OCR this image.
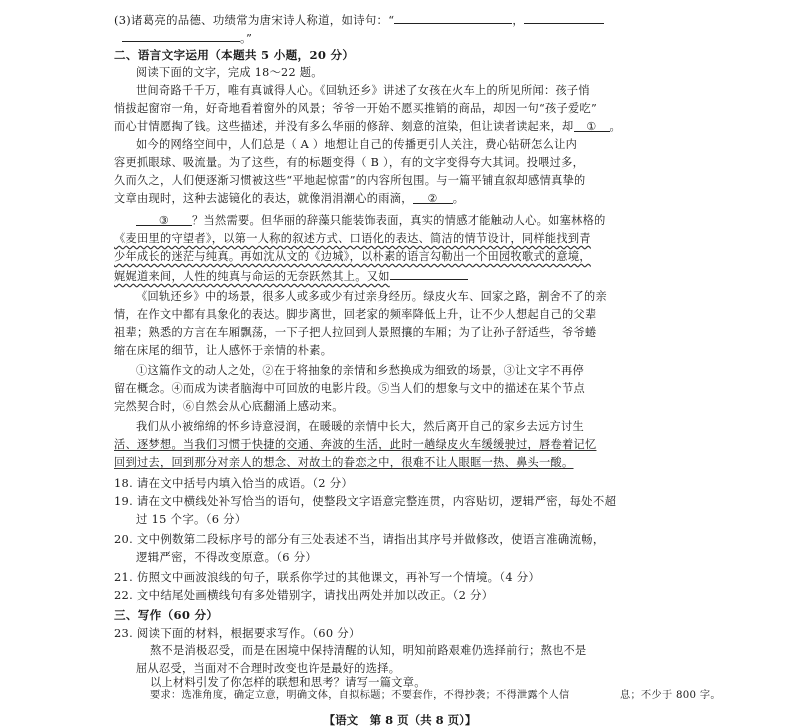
(3)诸葛亮的品德、功绩常为唐宋诗人称道，如诗句：“	，
。”
二、语言文字运用（本题共 5 小题，20 分）
阅读下面的文字，完成 18～22 题。
世间奇路千千万，唯有真诚得人心。《回轨还乡》讲述了女孩在火车上的所见所闻：孩子悄
悄拔起窗帘一角，好奇地看着窗外的风景；爷爷一开始不愿买推销的商品，却因一句“孩子爱吃”
而心甘情愿掏了钱。这些描述，并没有多么华丽的修辞、刻意的渲染，但让读者读起来，却 ① 。
如今的网络空间中，人们总是（ A ）地想让自己的传播更引人关注，费心钻研怎么让内
容更抓眼球、吸流量。为了这些，有的标题变得（ B ），有的文字变得夸大其词。投喂过多，
久而久之，人们便逐渐习惯被这些“平地起惊雷”的内容所包围。与一篇平铺直叙却感情真挚的
文章由现时，这种去滤镜化的表达，就像涓涓潮心的雨滴， ② 。
③ ？当然需要。但华丽的辞藻只能装饰表面，真实的情感才能触动人心。如塞林格的
《麦田里的守望者》，以第一人称的叙述方式、口语化的表达、简洁的情节设计，同样能找到青
少年成长的迷茫与纯真。再如沈从文的《边城》，以朴素的语言勾勒出一个田园牧歌式的意境，
娓娓道来间，人性的纯真与命运的无奈跃然其上。又如
《回轨还乡》中的场景，很多人或多或少有过亲身经历。绿皮火车、回家之路，割舍不了的亲
情，在作文中都有具象化的表达。脚步离世，回老家的频率降低上升，让不少人想起自己的父辈
祖辈；熟悉的方言在车厢飘荡，一下子把人拉回到人景照攘的车厢；为了让孙子舒适些，爷爷蜷
缩在床尾的细节，让人感怀于亲情的朴素。
①这篇作文的动人之处，②在于将抽象的亲情和乡愁换成为细致的场景，③让文字不再停
留在概念。④而成为读者脑海中可回放的电影片段。⑤当人们的想象与文中的描述在某个节点
完然契合时，⑥自然会从心底翻涌上感动来。
我们从小被绵绵的怀乡诗意浸润，在暖暖的亲情中长大，然后离开自己的家乡去远方讨生
活、逐梦想。当我们习惯于快捷的交通、奔波的生活，此时一趟绿皮火车缓缓驶过，唇卷着记忆
回到过去，回到那分对亲人的想念、对故土的眷恋之中，很难不让人眼眶一热、鼻头一酸。
18. 请在文中括号内填入恰当的成语。（2 分）
19. 请在文中横线处补写恰当的语句，使整段文字语意完整连贯，内容贴切，逻辑严密，每处不超
过 15 个字。（6 分）
20. 文中例数第二段标序号的部分有三处表述不当，请指出其序号并做修改，使语言准确流畅，
逻辑严密，不得改变原意。（6 分）
21. 仿照文中画波浪线的句子，联系你学过的其他课文，再补写一个情境。（4 分）
22. 文中结尾处画横线句有多处错别字，请找出两处并加以改正。（2 分）
三、写作（60 分）
23. 阅读下面的材料，根据要求写作。（60 分）
熬不是消极忍受，而是在困境中保持清醒的认知，明知前路艰难仍选择前行；熬也不是
屈从忍受，当面对不合理时改变也许是最好的选择。
以上材料引发了你怎样的联想和思考？请写一篇文章。
【语文　第 8 页（共 8 页）】
要求：选准角度，确定立意，明确文体，自拟标题；不要套作，不得抄袭；不得泄露个人信	息；不少于 800 字。
